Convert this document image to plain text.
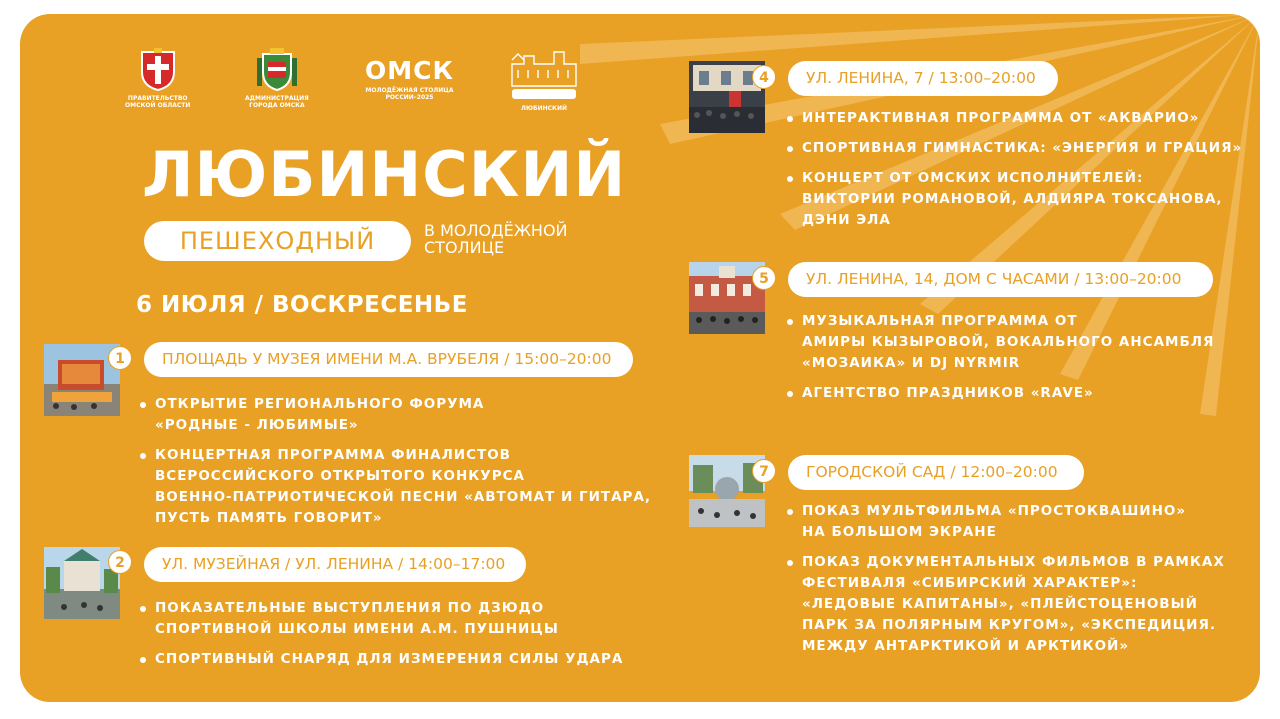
ПРАВИТЕЛЬСТВО
ОМСКОЙ ОБЛАСТИ
АДМИНИСТРАЦИЯ
ГОРОДА ОМСКА
ОМСК
МОЛОДЁЖНАЯ СТОЛИЦА
РОССИИ–2025
ЛЮБИНСКИЙ
ЛЮБИНСКИЙ
ПЕШЕХОДНЫЙ	В МОЛОДЁЖНОЙ СТОЛИЦЕ
6 ИЮЛЯ / ВОСКРЕСЕНЬЕ
1	ПЛОЩАДЬ У МУЗЕЯ ИМЕНИ М.А. ВРУБЕЛЯ / 15:00–20:00
ОТКРЫТИЕ РЕГИОНАЛЬНОГО ФОРУМА
«РОДНЫЕ - ЛЮБИМЫЕ»
КОНЦЕРТНАЯ ПРОГРАММА ФИНАЛИСТОВ
ВСЕРОССИЙСКОГО ОТКРЫТОГО КОНКУРСА
ВОЕННО-ПАТРИОТИЧЕСКОЙ ПЕСНИ «АВТОМАТ И ГИТАРА,
ПУСТЬ ПАМЯТЬ ГОВОРИТ»
2	УЛ. МУЗЕЙНАЯ / УЛ. ЛЕНИНА / 14:00–17:00
ПОКАЗАТЕЛЬНЫЕ ВЫСТУПЛЕНИЯ ПО ДЗЮДО
СПОРТИВНОЙ ШКОЛЫ ИМЕНИ А.М. ПУШНИЦЫ
СПОРТИВНЫЙ СНАРЯД ДЛЯ ИЗМЕРЕНИЯ СИЛЫ УДАРА
4	УЛ. ЛЕНИНА, 7 / 13:00–20:00
ИНТЕРАКТИВНАЯ ПРОГРАММА ОТ «АКВАРИО»
СПОРТИВНАЯ ГИМНАСТИКА: «ЭНЕРГИЯ И ГРАЦИЯ»
КОНЦЕРТ ОТ ОМСКИХ ИСПОЛНИТЕЛЕЙ:
ВИКТОРИИ РОМАНОВОЙ, АЛДИЯРА ТОКСАНОВА,
ДЭНИ ЭЛА
5	УЛ. ЛЕНИНА, 14, ДОМ С ЧАСАМИ / 13:00–20:00
МУЗЫКАЛЬНАЯ ПРОГРАММА ОТ
АМИРЫ КЫЗЫРОВОЙ, ВОКАЛЬНОГО АНСАМБЛЯ
«МОЗАИКА» И DJ NYRMIR
АГЕНТСТВО ПРАЗДНИКОВ «RAVE»
7	ГОРОДСКОЙ САД / 12:00–20:00
ПОКАЗ МУЛЬТФИЛЬМА «ПРОСТОКВАШИНО»
НА БОЛЬШОМ ЭКРАНЕ
ПОКАЗ ДОКУМЕНТАЛЬНЫХ ФИЛЬМОВ В РАМКАХ
ФЕСТИВАЛЯ «СИБИРСКИЙ ХАРАКТЕР»:
«ЛЕДОВЫЕ КАПИТАНЫ», «ПЛЕЙСТОЦЕНОВЫЙ
ПАРК ЗА ПОЛЯРНЫМ КРУГОМ», «ЭКСПЕДИЦИЯ.
МЕЖДУ АНТАРКТИКОЙ И АРКТИКОЙ»
